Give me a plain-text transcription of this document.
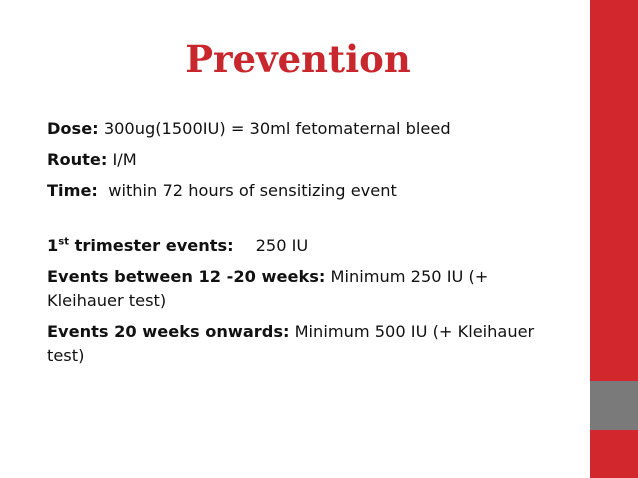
Prevention

Dose: 300ug(1500IU) = 30ml fetomaternal bleed

Route: I/M

Time: within 72 hours of sensitizing event

1st trimester events: 250 IU

Events between 12 -20 weeks: Minimum 250 IU (+ Kleihauer test)

Events 20 weeks onwards: Minimum 500 IU (+ Kleihauer test)
